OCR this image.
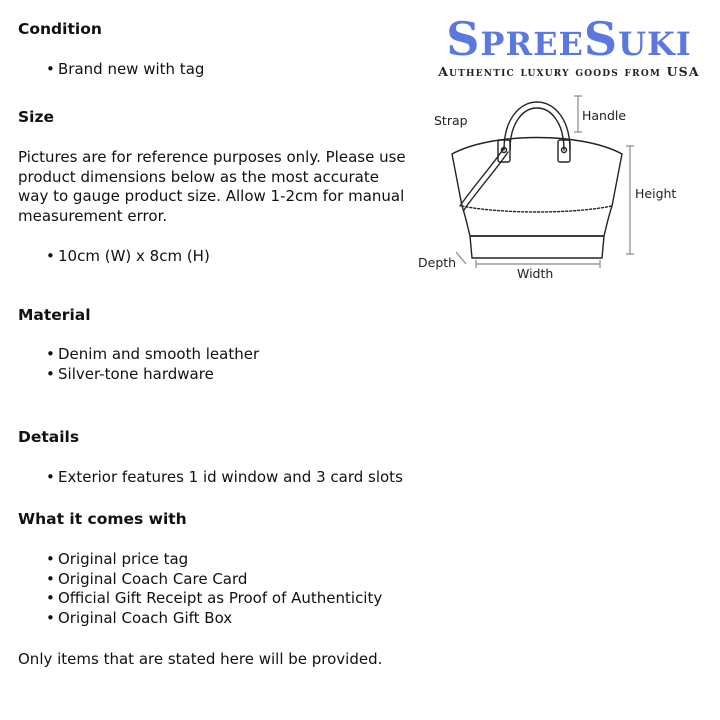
SpreeSuki
Authentic luxury goods from USA
Strap	Handle
Height
Depth
Width
Condition
• Brand new with tag
Size

Pictures are for reference purposes only. Please use product dimensions below as the most accurate way to gauge product size. Allow 1-2cm for manual measurement error.

• 10cm (W) x 8cm (H)
Material
• Denim and smooth leather
• Silver-tone hardware
Details
• Exterior features 1 id window and 3 card slots
What it comes with
• Original price tag
• Original Coach Care Card
• Official Gift Receipt as Proof of Authenticity
• Original Coach Gift Box

Only items that are stated here will be provided.
